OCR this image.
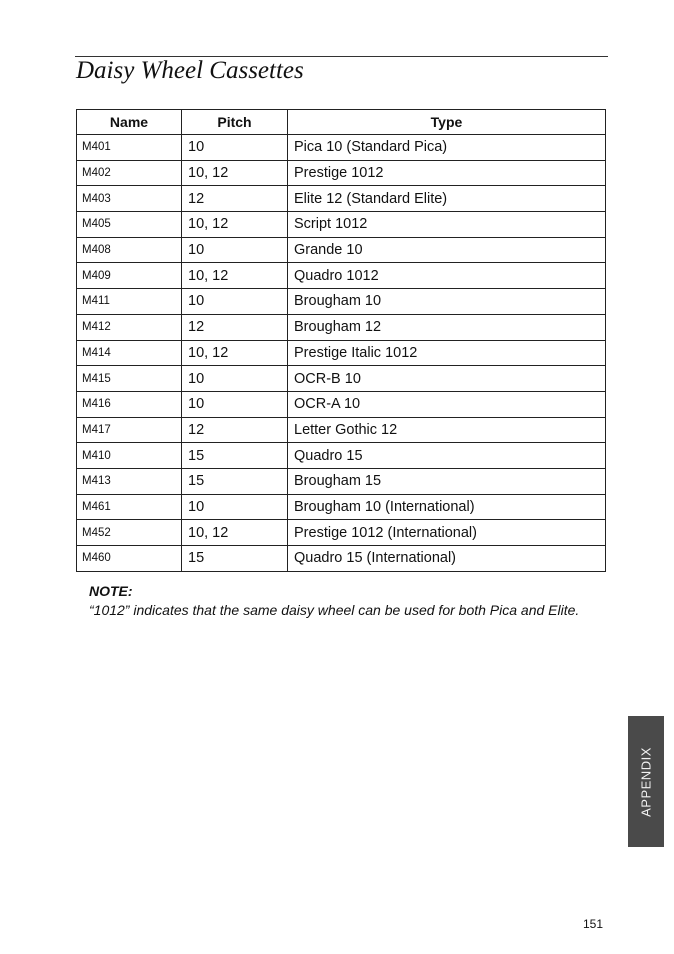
Daisy Wheel Cassettes
Name	Pitch	Type
M401	10	Pica 10 (Standard Pica)
M402	10, 12	Prestige 1012
M403	12	Elite 12 (Standard Elite)
M405	10, 12	Script 1012
M408	10	Grande 10
M409	10, 12	Quadro 1012
M411	10	Brougham 10
M412	12	Brougham 12
M414	10, 12	Prestige Italic 1012
M415	10	OCR-B 10
M416	10	OCR-A 10
M417	12	Letter Gothic 12
M410	15	Quadro 15
M413	15	Brougham 15
M461	10	Brougham 10 (International)
M452	10, 12	Prestige 1012 (International)
M460	15	Quadro 15 (International)
NOTE:
“1012” indicates that the same daisy wheel can be used for both Pica and Elite.
APPENDIX
151
